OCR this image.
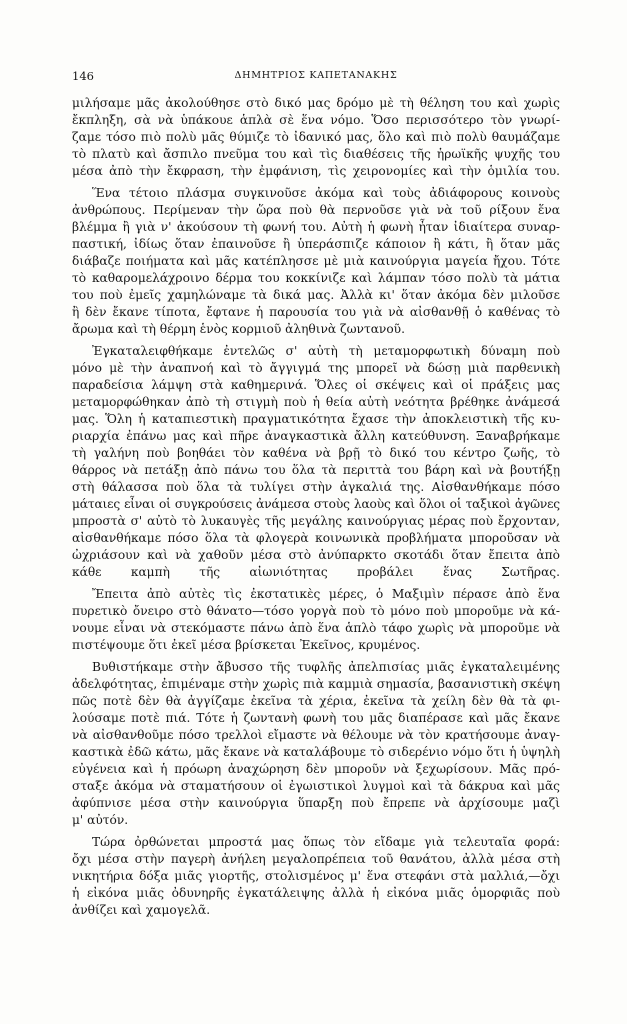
146	ΔΗΜΗΤΡΙΟΣ ΚΑΠΕΤΑΝΑΚΗΣ
μιλήσαμε μᾶς ἀκολούθησε στὸ δικό μας δρόμο μὲ τὴ θέληση του καὶ χωρὶς
ἔκπληξη, σὰ νὰ ὑπάκουε ἁπλὰ σὲ ἕνα νόμο. Ὅσο περισσότερο τὸν γνωρί-
ζαμε τόσο πιὸ πολὺ μᾶς θύμιζε τὸ ἰδανικό μας, ὅλο καὶ πιὸ πολὺ θαυμάζαμε
τὸ πλατὺ καὶ ἄσπιλο πνεῦμα του καὶ τὶς διαθέσεις τῆς ἡρωϊκῆς ψυχῆς του
μέσα ἀπὸ τὴν ἔκφραση, τὴν ἐμφάνιση, τὶς χειρονομίες καὶ τὴν ὁμιλία του.
Ἕνα τέτοιο πλάσμα συγκινοῦσε ἀκόμα καὶ τοὺς ἀδιάφορους κοινοὺς
ἀνθρώπους. Περίμεναν τὴν ὥρα ποὺ θὰ περνοῦσε γιὰ νὰ τοῦ ρίξουν ἕνα
βλέμμα ἢ γιὰ ν' ἀκούσουν τὴ φωνή του. Αὐτὴ ἡ φωνὴ ἦταν ἰδιαίτερα συναρ-
παστική, ἰδίως ὅταν ἐπαινοῦσε ἢ ὑπεράσπιζε κάποιον ἢ κάτι, ἢ ὅταν μᾶς
διάβαζε ποιήματα καὶ μᾶς κατέπλησσε μὲ μιὰ καινούργια μαγεία ἤχου. Τότε
τὸ καθαρομελάχροινο δέρμα του κοκκίνιζε καὶ λάμπαν τόσο πολὺ τὰ μάτια
του ποὺ ἐμεῖς χαμηλώναμε τὰ δικά μας. Ἀλλὰ κι' ὅταν ἀκόμα δὲν μιλοῦσε
ἢ δὲν ἔκανε τίποτα, ἔφτανε ἡ παρουσία του γιὰ νὰ αἰσθανθῇ ὁ καθένας τὸ
ἄρωμα καὶ τὴ θέρμη ἑνὸς κορμιοῦ ἀληθινὰ ζωντανοῦ.
Ἐγκαταλειφθήκαμε ἐντελῶς σ' αὐτὴ τὴ μεταμορφωτικὴ δύναμη ποὺ
μόνο μὲ τὴν ἀναπνοή καὶ τὸ ἄγγιγμά της μπορεῖ νὰ δώσῃ μιὰ παρθενικὴ
παραδείσια λάμψη στὰ καθημερινά. Ὅλες οἱ σκέψεις καὶ οἱ πράξεις μας
μεταμορφώθηκαν ἀπὸ τὴ στιγμὴ ποὺ ἡ θεία αὐτὴ νεότητα βρέθηκε ἀνάμεσά
μας. Ὅλη ἡ καταπιεστικὴ πραγματικότητα ἔχασε τὴν ἀποκλειστικὴ τῆς κυ-
ριαρχία ἐπάνω μας καὶ πῆρε ἀναγκαστικὰ ἄλλη κατεύθυνση. Ξαναβρήκαμε
τὴ γαλήνη ποὺ βοηθάει τὸν καθένα νὰ βρῇ τὸ δικό του κέντρο ζωῆς, τὸ
θάρρος νὰ πετάξῃ ἀπὸ πάνω του ὅλα τὰ περιττὰ του βάρη καὶ νὰ βουτήξῃ
στὴ θάλασσα ποὺ ὅλα τὰ τυλίγει στὴν ἀγκαλιά της. Αἰσθανθήκαμε πόσο
μάταιες εἶναι οἱ συγκρούσεις ἀνάμεσα στοὺς λαοὺς καὶ ὅλοι οἱ ταξικοὶ ἀγῶνες
μπροστὰ σ' αὐτὸ τὸ λυκαυγὲς τῆς μεγάλης καινούργιας μέρας ποὺ ἔρχονταν,
αἰσθανθήκαμε πόσο ὅλα τὰ φλογερὰ κοινωνικὰ προβλήματα μποροῦσαν νὰ
ὠχριάσουν καὶ νὰ χαθοῦν μέσα στὸ ἀνύπαρκτο σκοτάδι ὅταν ἔπειτα ἀπὸ
κάθε καμπὴ τῆς αἰωνιότητας προβάλει ἕνας Σωτῆρας.
Ἔπειτα ἀπὸ αὐτὲς τὶς ἐκστατικὲς μέρες, ὁ Μαξιμὶν πέρασε ἀπὸ ἕνα
πυρετικὸ ὄνειρο στὸ θάνατο—τόσο γοργὰ ποὺ τὸ μόνο ποὺ μποροῦμε νὰ κά-
νουμε εἶναι νὰ στεκόμαστε πάνω ἀπὸ ἕνα ἁπλὸ τάφο χωρὶς νὰ μποροῦμε νὰ
πιστέψουμε ὅτι ἐκεῖ μέσα βρίσκεται Ἐκεῖνος, κρυμένος.
Βυθιστήκαμε στὴν ἄβυσσο τῆς τυφλῆς ἀπελπισίας μιᾶς ἐγκαταλειμένης
ἀδελφότητας, ἐπιμέναμε στὴν χωρὶς πιὰ καμμιὰ σημασία, βασανιστικὴ σκέψη
πῶς ποτὲ δὲν θὰ ἀγγίζαμε ἐκεῖνα τὰ χέρια, ἐκεῖνα τὰ χείλη δὲν θὰ τὰ φι-
λούσαμε ποτὲ πιά. Τότε ἡ ζωντανὴ φωνὴ του μᾶς διαπέρασε καὶ μᾶς ἔκανε
νὰ αἰσθανθοῦμε πόσο τρελλοὶ εἴμαστε νὰ θέλουμε νὰ τὸν κρατήσουμε ἀναγ-
καστικὰ ἐδῶ κάτω, μᾶς ἔκανε νὰ καταλάβουμε τὸ σιδερένιο νόμο ὅτι ἡ ὑψηλὴ
εὐγένεια καὶ ἡ πρόωρη ἀναχώρηση δὲν μποροῦν νὰ ξεχωρίσουν. Μᾶς πρό-
σταξε ἀκόμα νὰ σταματήσουν οἱ ἐγωιστικοὶ λυγμοὶ καὶ τὰ δάκρυα καὶ μᾶς
ἀφύπνισε μέσα στὴν καινούργια ὕπαρξη ποὺ ἔπρεπε νὰ ἀρχίσουμε μαζὶ
μ' αὐτόν.
Τώρα ὀρθώνεται μπροστά μας ὅπως τὸν εἴδαμε γιὰ τελευταῖα φορά:
ὄχι μέσα στὴν παγερὴ ἀνήλεη μεγαλοπρέπεια τοῦ θανάτου, ἀλλὰ μέσα στὴ
νικητήρια δόξα μιᾶς γιορτῆς, στολισμένος μ' ἕνα στεφάνι στὰ μαλλιά,—ὄχι
ἡ εἰκόνα μιᾶς ὀδυνηρῆς ἐγκατάλειψης ἀλλὰ ἡ εἰκόνα μιᾶς ὁμορφιᾶς ποὺ
ἀνθίζει καὶ χαμογελᾶ.
